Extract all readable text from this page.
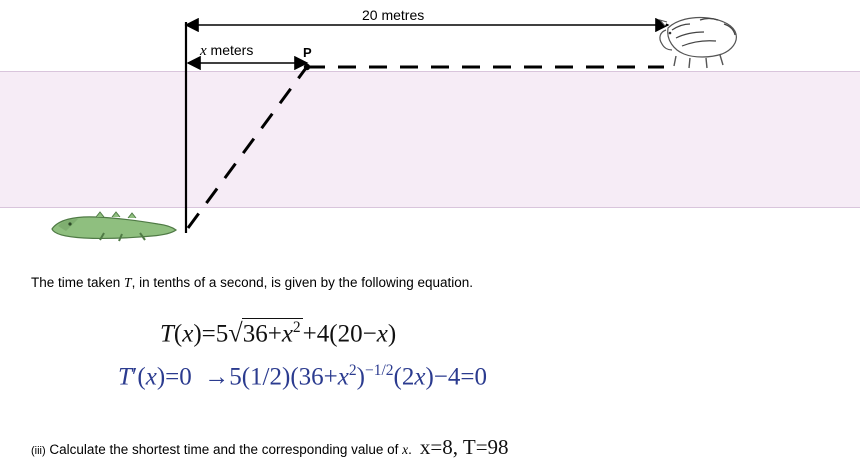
20 metres
x meters	P
The time taken T, in tenths of a second, is given by the following equation.
$T(x)=5√36+x^2+4(20-x)$
$T'(x)=0 \to 5(1/2)(36+x^2)^{-1/2}(2x)-4=0$
(iii) Calculate the shortest time and the corresponding value of x. x=8, T=98
